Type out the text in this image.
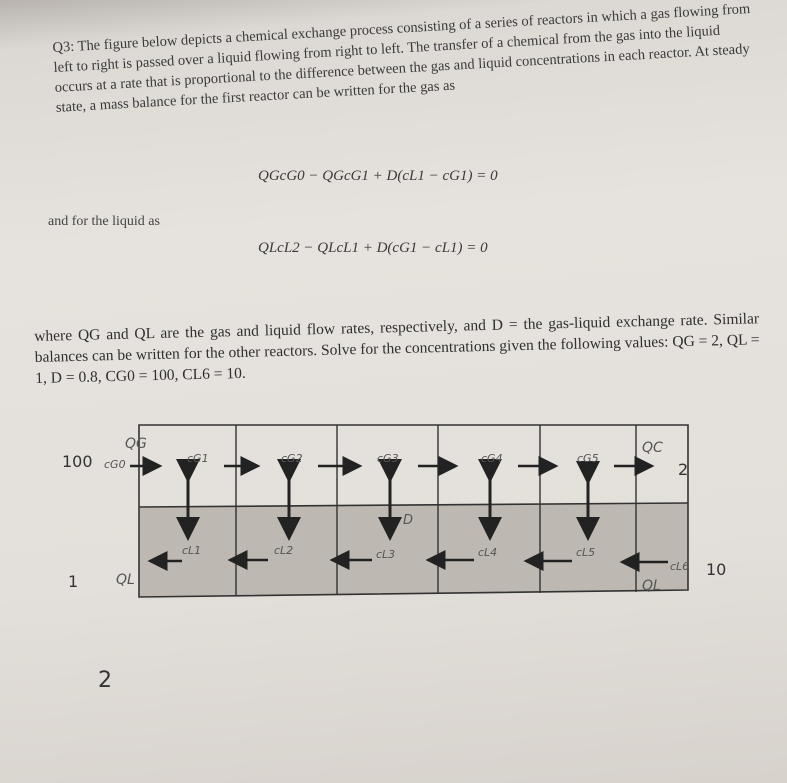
Q3: The figure below depicts a chemical exchange process consisting of a series of reactors in which a gas flowing from left to right is passed over a liquid flowing from right to left. The transfer of a chemical from the gas into the liquid occurs at a rate that is proportional to the difference between the gas and liquid concentrations in each reactor. At steady state, a mass balance for the first reactor can be written for the gas as
QGcG0 − QGcG1 + D(cL1 − cG1) = 0
and for the liquid as
QLcL2 − QLcL1 + D(cG1 − cL1) = 0
where QG and QL are the gas and liquid flow rates, respectively, and D = the gas-liquid exchange rate. Similar balances can be written for the other reactors. Solve for the concentrations given the following values: QG = 2, QL = 1, D = 0.8, CG0 = 100, CL6 = 10.
QG
cG0	cG1	cG2	cG3	cG4	cG5
QC
cL1	cL2	cL3	cL4	cL5
cL6
QL	QL
D
100	2
10
1
2
